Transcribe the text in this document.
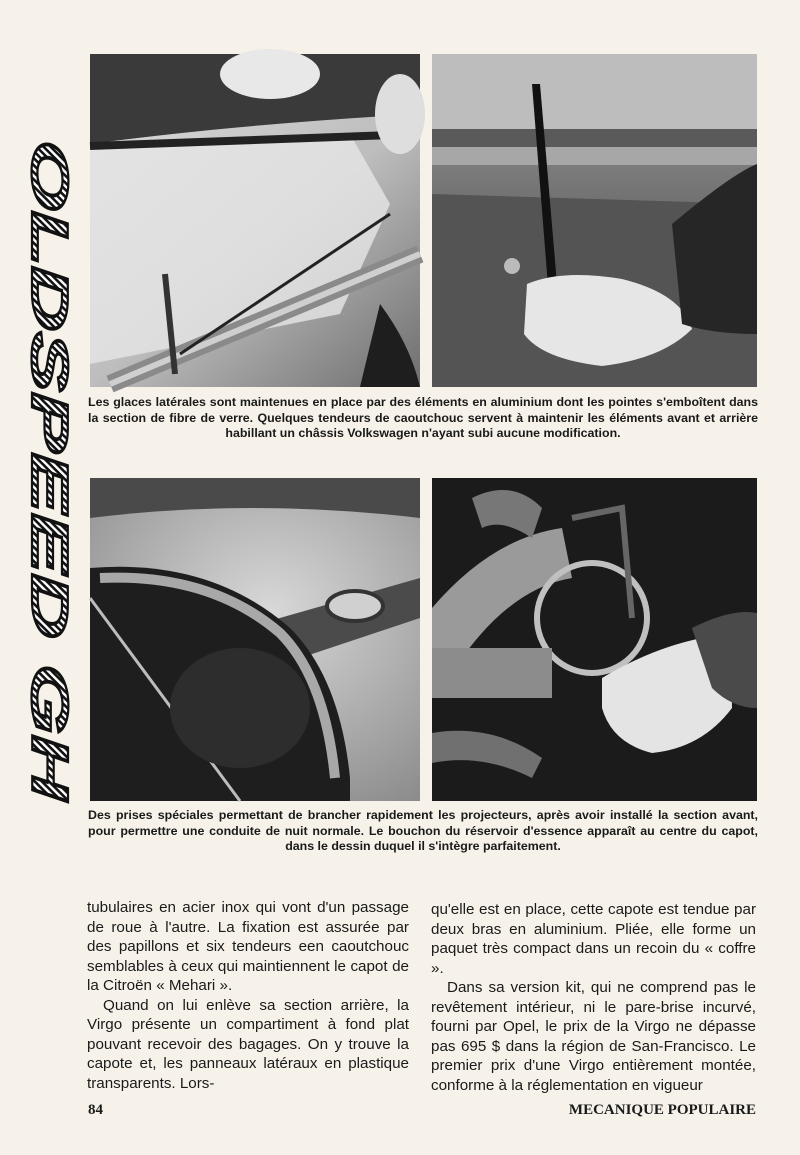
OLDSPEED GH Les glaces latérales sont maintenues en place par des éléments en aluminium dont les pointes s'emboîtent dans la section de fibre de verre. Quelques tendeurs de caoutchouc servent à maintenir les éléments avant et arrière habillant un châssis Volkswagen n'ayant subi aucune modification.

Des prises spéciales permettant de brancher rapidement les projecteurs, après avoir installé la section avant, pour permettre une conduite de nuit normale. Le bouchon du réservoir d'essence apparaît au centre du capot, dans le dessin duquel il s'intègre parfaitement.

tubulaires en acier inox qui vont d'un passage de roue à l'autre. La fixation est assurée par des papillons et six tendeurs een caoutchouc semblables à ceux qui maintiennent le capot de la Citroën « Mehari ».

Quand on lui enlève sa section arrière, la Virgo présente un compartiment à fond plat pouvant recevoir des bagages. On y trouve la capote et, les panneaux latéraux en plastique transparents. Lors-

qu'elle est en place, cette capote est tendue par deux bras en aluminium. Pliée, elle forme un paquet très compact dans un recoin du « coffre ».

Dans sa version kit, qui ne comprend pas le revêtement intérieur, ni le pare-brise incurvé, fourni par Opel, le prix de la Virgo ne dépasse pas 695 $ dans la région de San-Francisco. Le premier prix d'une Virgo entièrement montée, conforme à la réglementation en vigueur

84	MECANIQUE POPULAIRE
